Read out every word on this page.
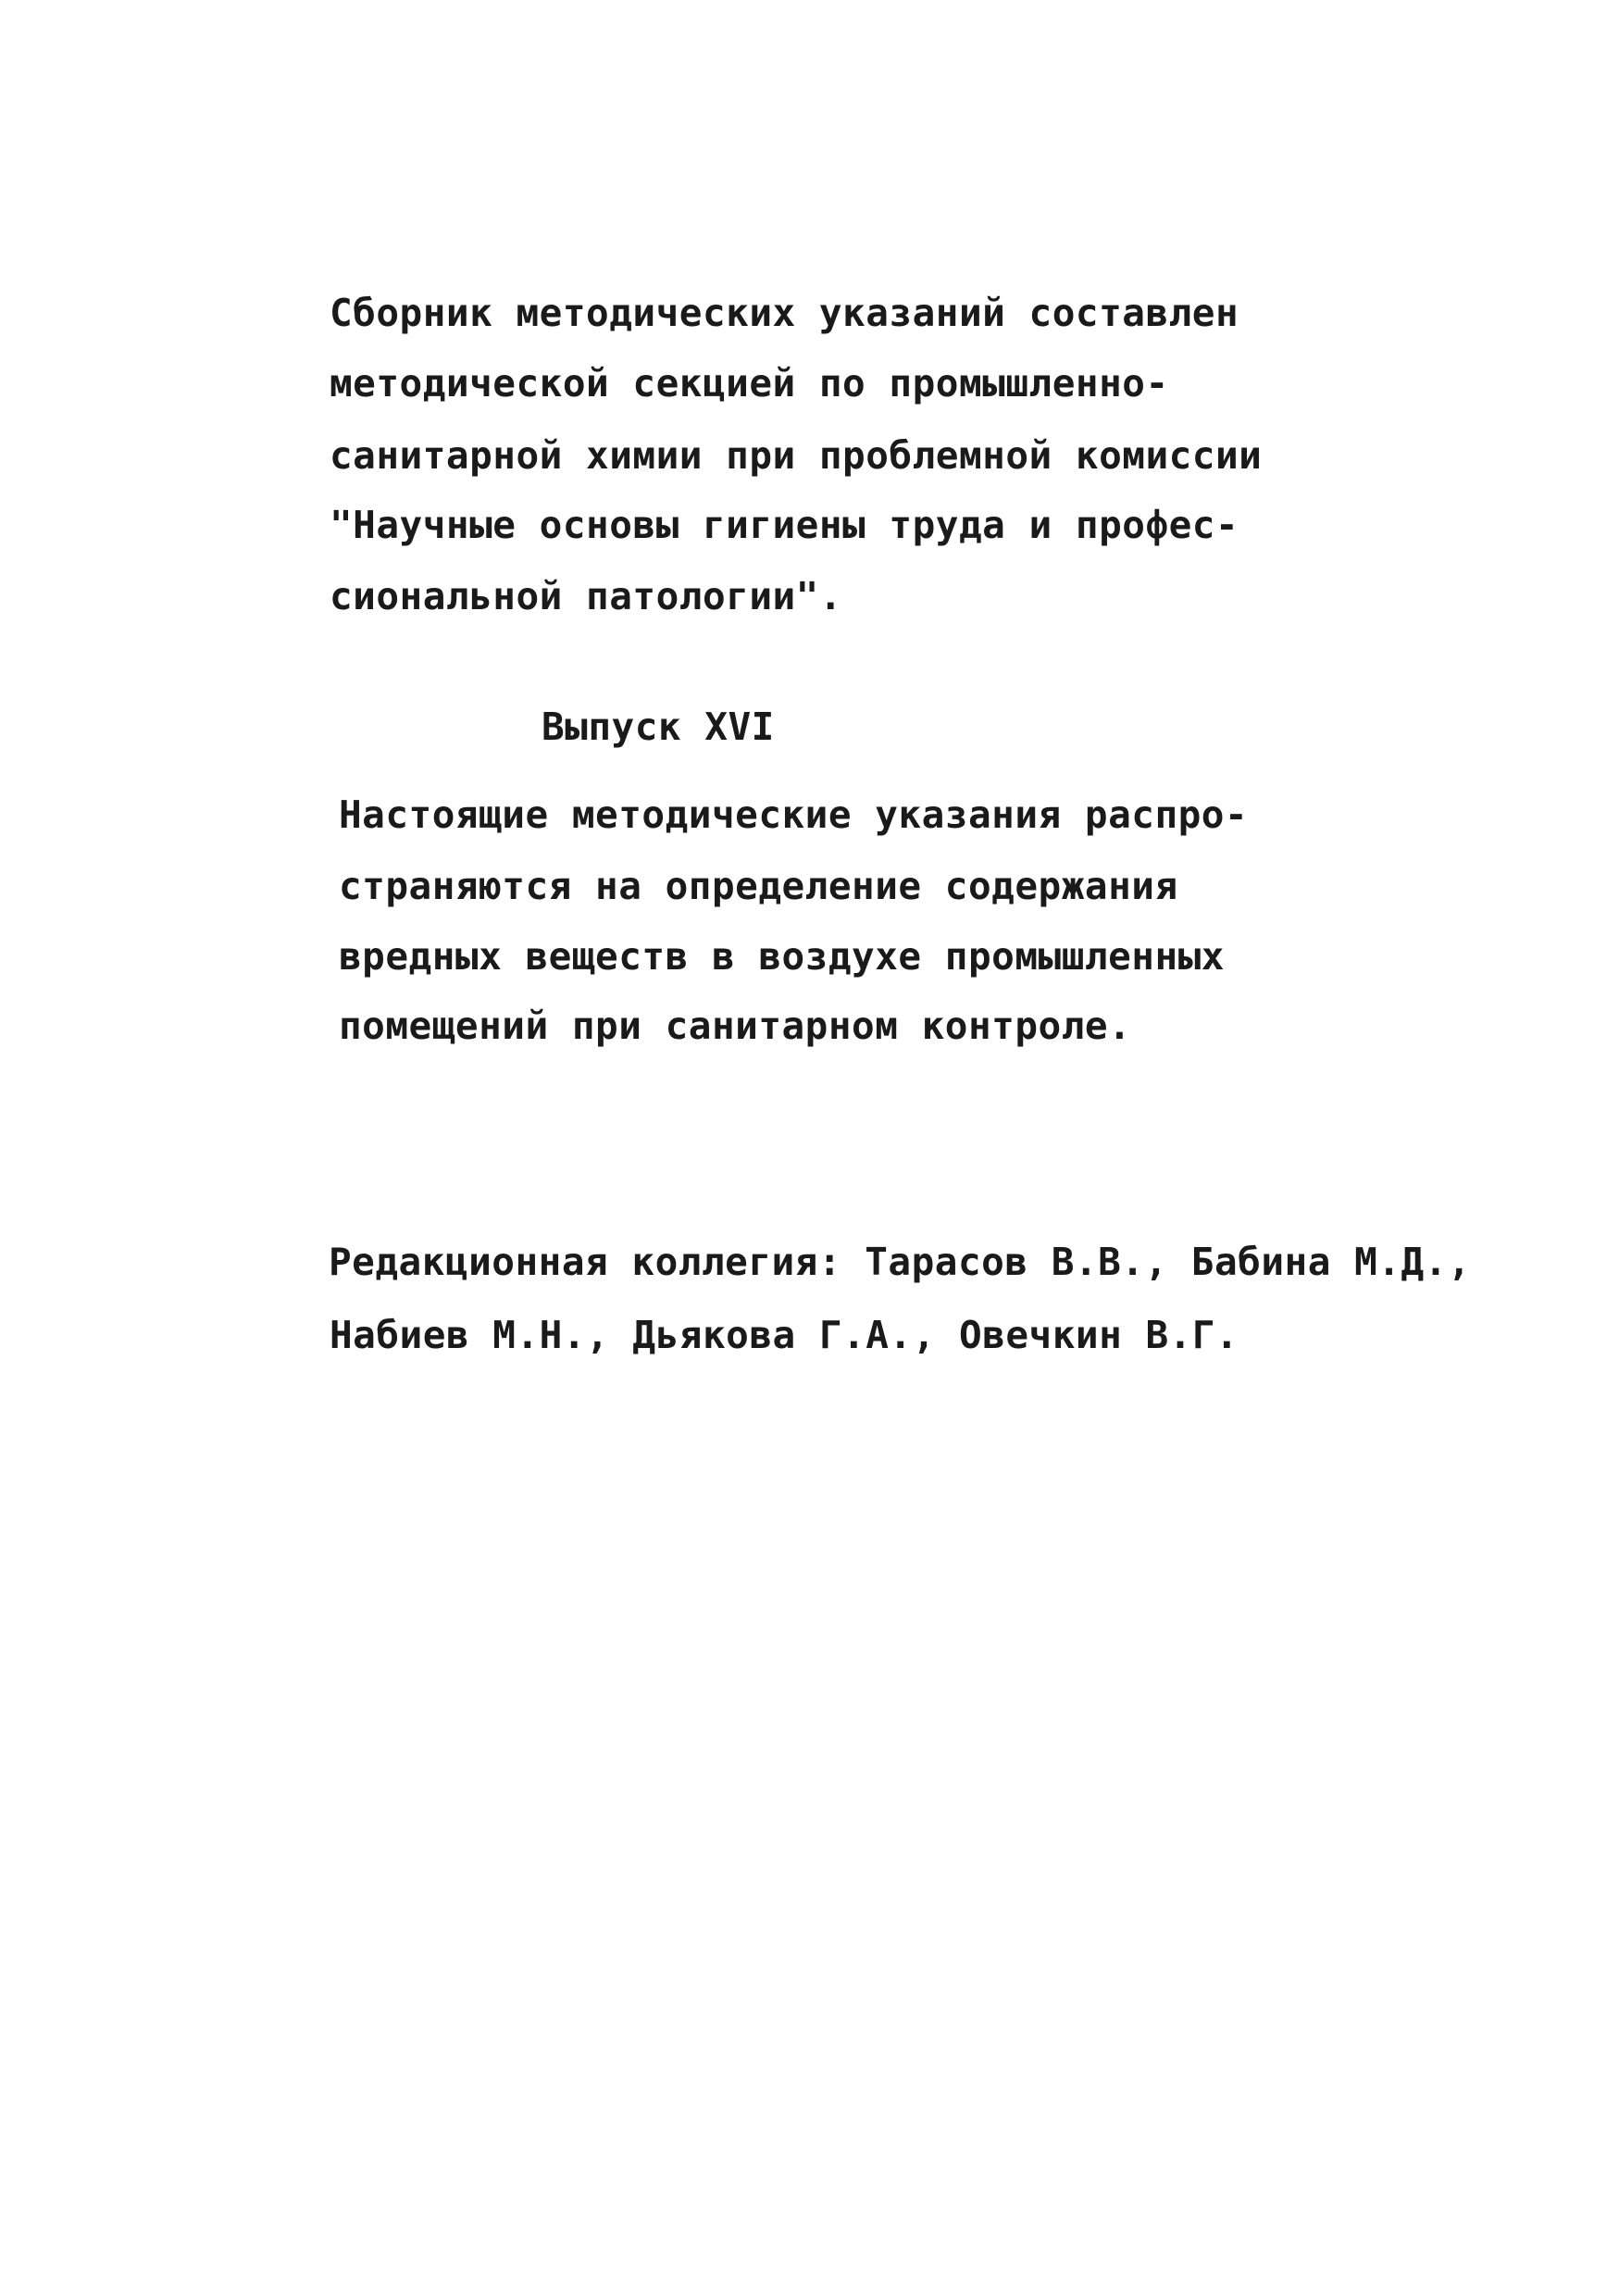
Сборник методических указаний составлен

методической секцией по промышленно-

санитарной химии при проблемной комиссии

"Научные основы гигиены труда и профес-

сиональной патологии".

Выпуск XVI

Настоящие методические указания распро-

страняются на определение содержания

вредных веществ в воздухе промышленных

помещений при санитарном контроле.

Редакционная коллегия: Тарасов В.В., Бабина М.Д.,

Набиев М.Н., Дьякова Г.А., Овечкин В.Г.
